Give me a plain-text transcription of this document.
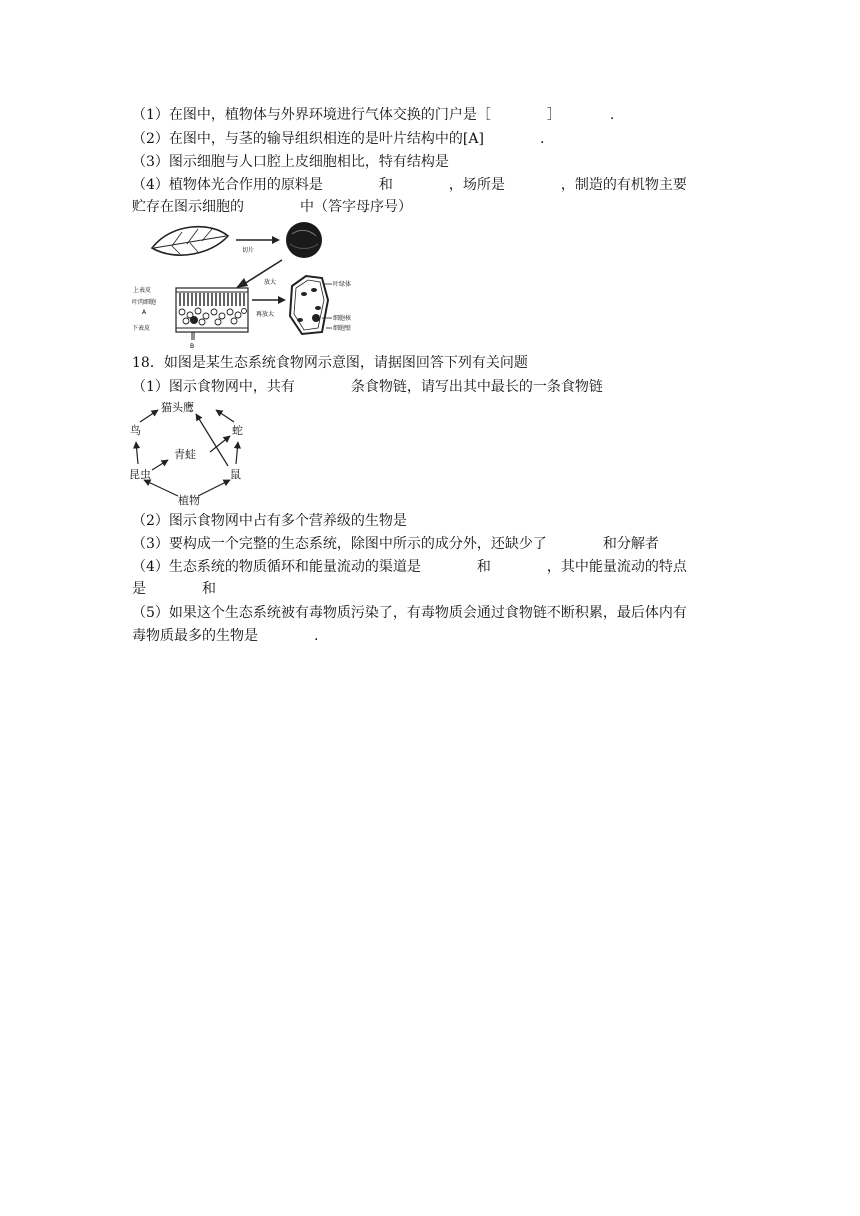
（1）在图中，植物体与外界环境进行气体交换的门户是［　　　　］　　　　.
（2）在图中，与茎的输导组织相连的是叶片结构中的[A]　　　　.
（3）图示细胞与人口腔上皮细胞相比，特有结构是
（4）植物体光合作用的原料是　　　　和　　　　，场所是　　　　，制造的有机物主要
贮存在图示细胞的　　　　中（答字母序号）
切片
放大
上表皮
叶肉细胞
A
下表皮
B
再放大
叶绿体
细胞核
细胞壁
18．如图是某生态系统食物网示意图，请据图回答下列有关问题
（1）图示食物网中，共有　　　　条食物链，请写出其中最长的一条食物链
猫头鹰
鸟	蛇
青蛙
昆虫	鼠
植物
（2）图示食物网中占有多个营养级的生物是
（3）要构成一个完整的生态系统，除图中所示的成分外，还缺少了　　　　和分解者
（4）生态系统的物质循环和能量流动的渠道是　　　　和　　　　，其中能量流动的特点
是　　　　和
（5）如果这个生态系统被有毒物质污染了，有毒物质会通过食物链不断积累，最后体内有
毒物质最多的生物是　　　　.
